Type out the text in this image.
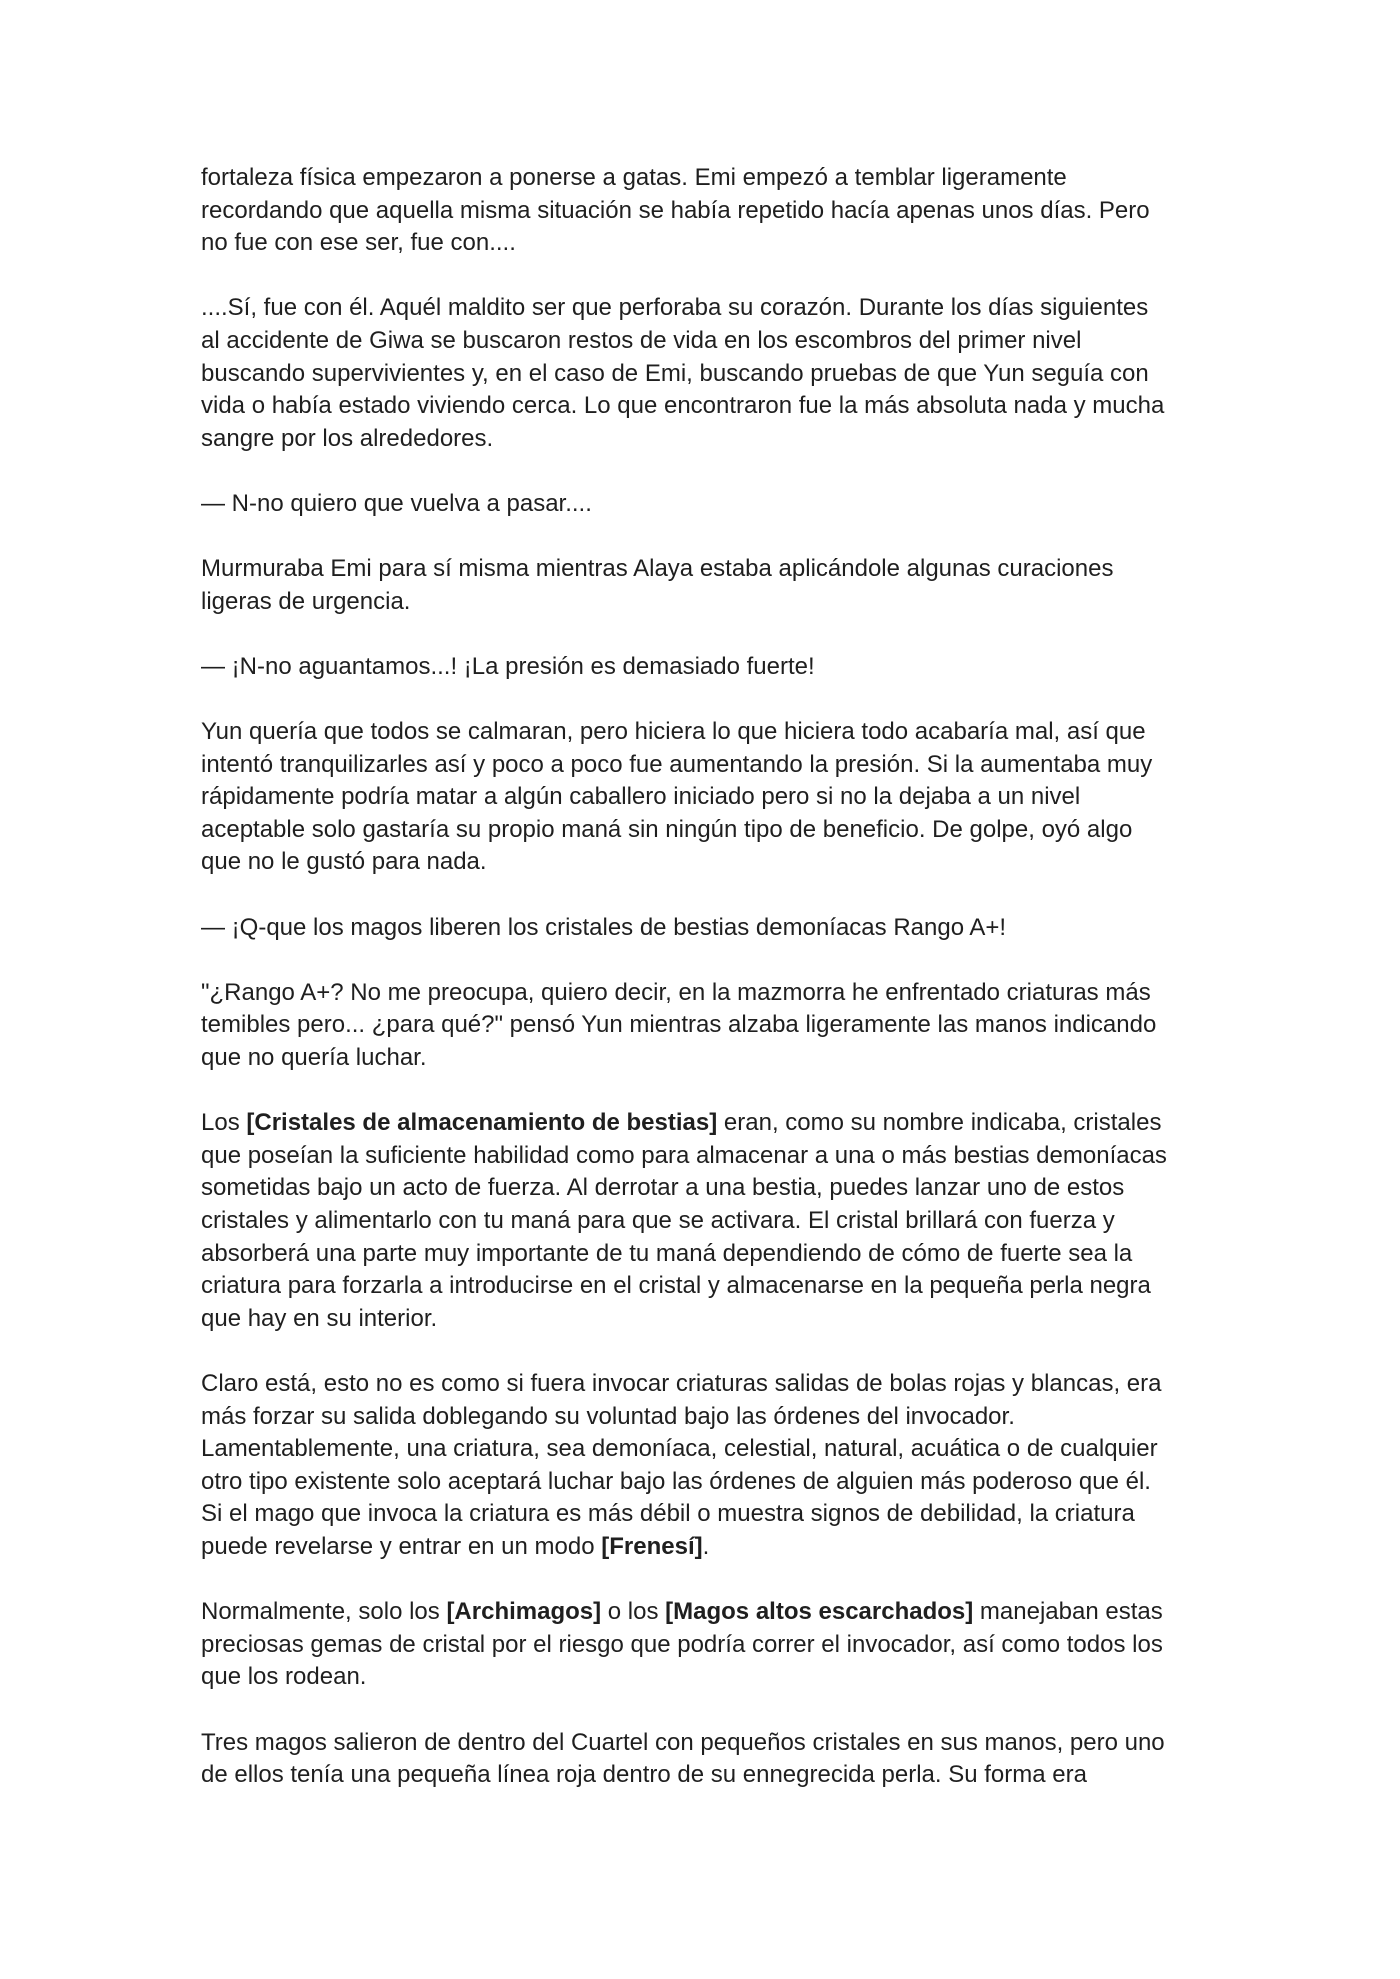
fortaleza física empezaron a ponerse a gatas. Emi empezó a temblar ligeramente
recordando que aquella misma situación se había repetido hacía apenas unos días. Pero
no fue con ese ser, fue con....

....Sí, fue con él. Aquél maldito ser que perforaba su corazón. Durante los días siguientes
al accidente de Giwa se buscaron restos de vida en los escombros del primer nivel
buscando supervivientes y, en el caso de Emi, buscando pruebas de que Yun seguía con
vida o había estado viviendo cerca. Lo que encontraron fue la más absoluta nada y mucha
sangre por los alrededores.

— N-no quiero que vuelva a pasar....

Murmuraba Emi para sí misma mientras Alaya estaba aplicándole algunas curaciones
ligeras de urgencia.

— ¡N-no aguantamos...! ¡La presión es demasiado fuerte!

Yun quería que todos se calmaran, pero hiciera lo que hiciera todo acabaría mal, así que
intentó tranquilizarles así y poco a poco fue aumentando la presión. Si la aumentaba muy
rápidamente podría matar a algún caballero iniciado pero si no la dejaba a un nivel
aceptable solo gastaría su propio maná sin ningún tipo de beneficio. De golpe, oyó algo
que no le gustó para nada.

— ¡Q-que los magos liberen los cristales de bestias demoníacas Rango A+!

"¿Rango A+? No me preocupa, quiero decir, en la mazmorra he enfrentado criaturas más
temibles pero... ¿para qué?" pensó Yun mientras alzaba ligeramente las manos indicando
que no quería luchar.

Los [Cristales de almacenamiento de bestias] eran, como su nombre indicaba, cristales
que poseían la suficiente habilidad como para almacenar a una o más bestias demoníacas
sometidas bajo un acto de fuerza. Al derrotar a una bestia, puedes lanzar uno de estos
cristales y alimentarlo con tu maná para que se activara. El cristal brillará con fuerza y
absorberá una parte muy importante de tu maná dependiendo de cómo de fuerte sea la
criatura para forzarla a introducirse en el cristal y almacenarse en la pequeña perla negra
que hay en su interior.

Claro está, esto no es como si fuera invocar criaturas salidas de bolas rojas y blancas, era
más forzar su salida doblegando su voluntad bajo las órdenes del invocador.
Lamentablemente, una criatura, sea demoníaca, celestial, natural, acuática o de cualquier
otro tipo existente solo aceptará luchar bajo las órdenes de alguien más poderoso que él.
Si el mago que invoca la criatura es más débil o muestra signos de debilidad, la criatura
puede revelarse y entrar en un modo [Frenesí].

Normalmente, solo los [Archimagos] o los [Magos altos escarchados] manejaban estas
preciosas gemas de cristal por el riesgo que podría correr el invocador, así como todos los
que los rodean.

Tres magos salieron de dentro del Cuartel con pequeños cristales en sus manos, pero uno
de ellos tenía una pequeña línea roja dentro de su ennegrecida perla. Su forma era
